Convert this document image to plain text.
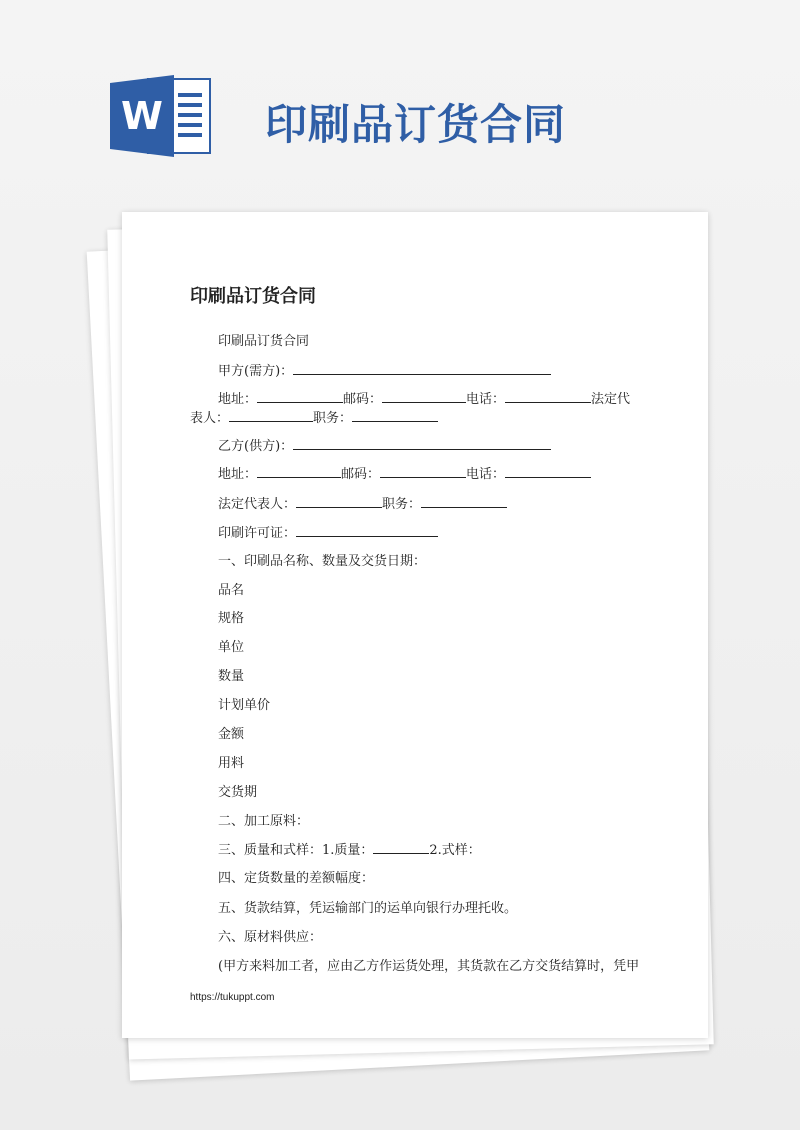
W 印刷品订货合同
印刷品订货合同
印刷品订货合同
甲方(需方)：
地址：	邮码：	电话：	法定代
表人：	职务：
乙方(供方)：
地址：	邮码：	电话：
法定代表人：	职务：
印刷许可证：
一、印刷品名称、数量及交货日期：
品名
规格
单位
数量
计划单价
金额
用料
交货期
二、加工原料：
三、质量和式样：1.质量：	2.式样：
四、定货数量的差额幅度：
五、货款结算，凭运输部门的运单向银行办理托收。
六、原材料供应：
(甲方来料加工者，应由乙方作运货处理，其货款在乙方交货结算时，凭甲
https://tukuppt.com
